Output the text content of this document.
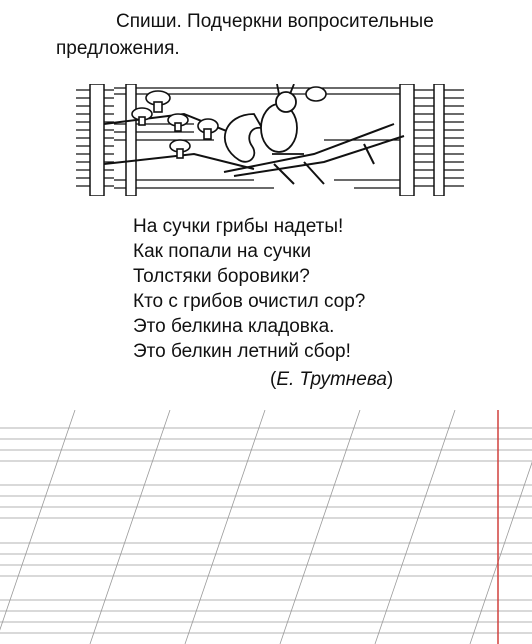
Спиши. Подчеркни вопросительные предложения.

На сучки грибы надеты!
Как попали на сучки
Толстяки боровики?
Кто с грибов очистил сор?
Это белкина кладовка.
Это белкин летний сбор!
(Е. Трутнева)
